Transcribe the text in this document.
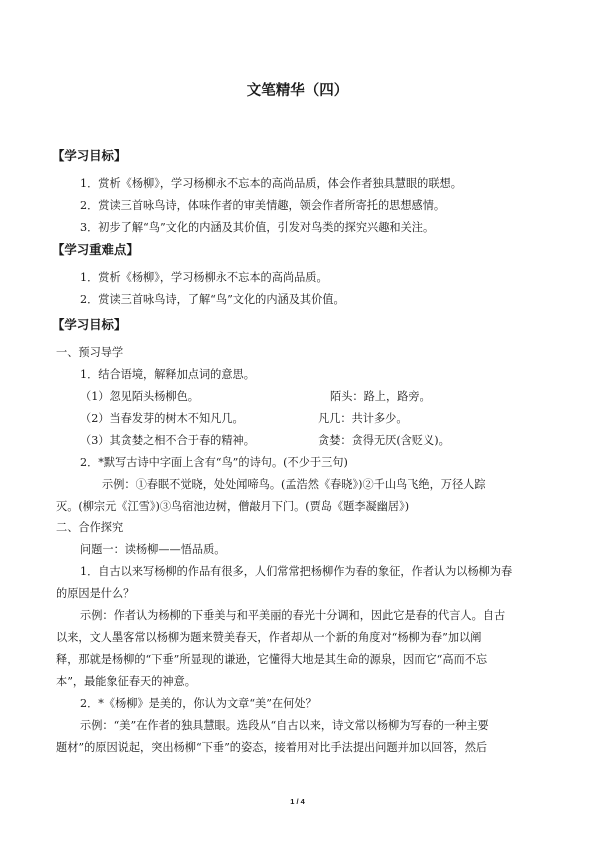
文笔精华（四）
【学习目标】
1．赏析《杨柳》，学习杨柳永不忘本的高尚品质，体会作者独具慧眼的联想。
2．赏读三首咏鸟诗，体味作者的审美情趣，领会作者所寄托的思想感情。
3．初步了解“鸟”文化的内涵及其价值，引发对鸟类的探究兴趣和关注。
【学习重难点】
1．赏析《杨柳》，学习杨柳永不忘本的高尚品质。
2．赏读三首咏鸟诗，了解“鸟”文化的内涵及其价值。
【学习目标】
一、预习导学
1．结合语境，解释加点词的意思。
（1）忽见陌头杨柳色。	陌头：路上，路旁。
（2）当春发芽的树木不知凡几。	凡几：共计多少。
（3）其贪婪之相不合于春的精神。	贪婪：贪得无厌(含贬义)。
2．*默写古诗中字面上含有“鸟”的诗句。(不少于三句)
示例：①春眠不觉晓，处处闻啼鸟。(孟浩然《春晓》)②千山鸟飞绝，万径人踪
灭。(柳宗元《江雪》)③鸟宿池边树，僧敲月下门。(贾岛《题李凝幽居》)
二、合作探究
问题一：读杨柳——悟品质。
1．自古以来写杨柳的作品有很多，人们常常把杨柳作为春的象征，作者认为以杨柳为春
的原因是什么？
示例：作者认为杨柳的下垂美与和平美丽的春光十分调和，因此它是春的代言人。自古
以来，文人墨客常以杨柳为题来赞美春天，作者却从一个新的角度对“杨柳为春”加以阐
释，那就是杨柳的“下垂”所显现的谦逊，它懂得大地是其生命的源泉，因而它“高而不忘
本”，最能象征春天的神意。
2．*《杨柳》是美的，你认为文章“美”在何处？
示例：“美”在作者的独具慧眼。选段从“自古以来，诗文常以杨柳为写春的一种主要
题材”的原因说起，突出杨柳“下垂”的姿态，接着用对比手法提出问题并加以回答，然后
1 / 4
